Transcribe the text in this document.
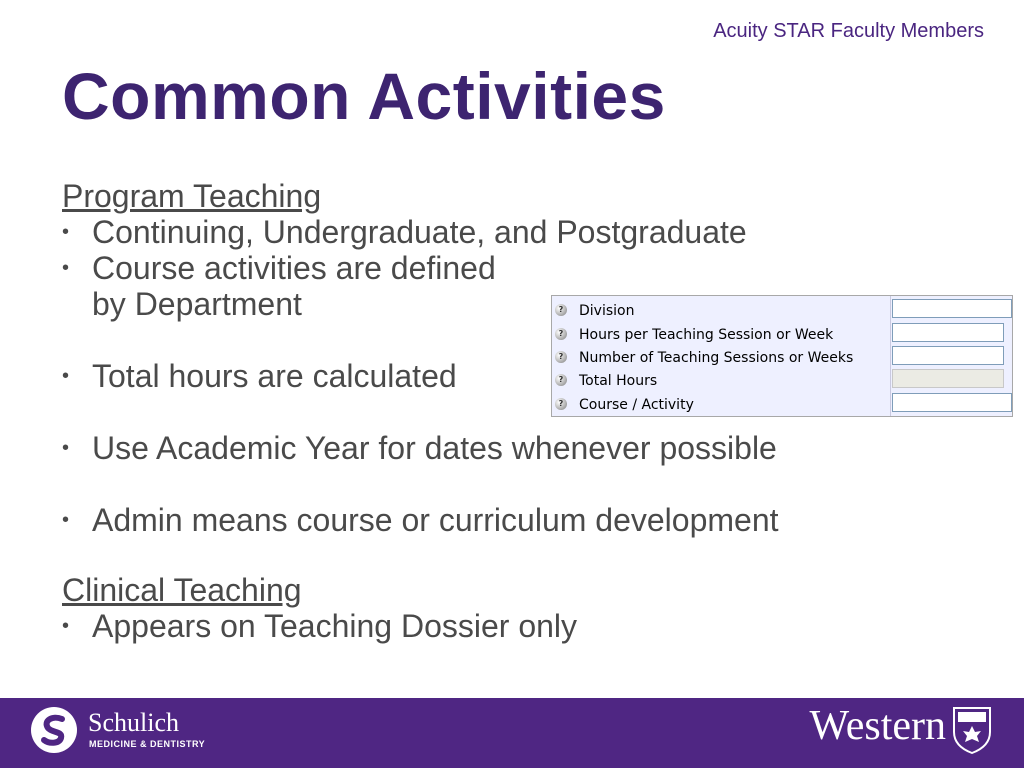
Acuity STAR Faculty Members
Common Activities
Program Teaching
• Continuing, Undergraduate, and Postgraduate
• Course activities are defined
by Department
• Total hours are calculated
• Use Academic Year for dates whenever possible
• Admin means course or curriculum development
Clinical Teaching
• Appears on Teaching Dossier only
? Division
? Hours per Teaching Session or Week
? Number of Teaching Sessions or Weeks
? Total Hours
? Course / Activity
Schulich
MEDICINE & DENTISTRY	Western
